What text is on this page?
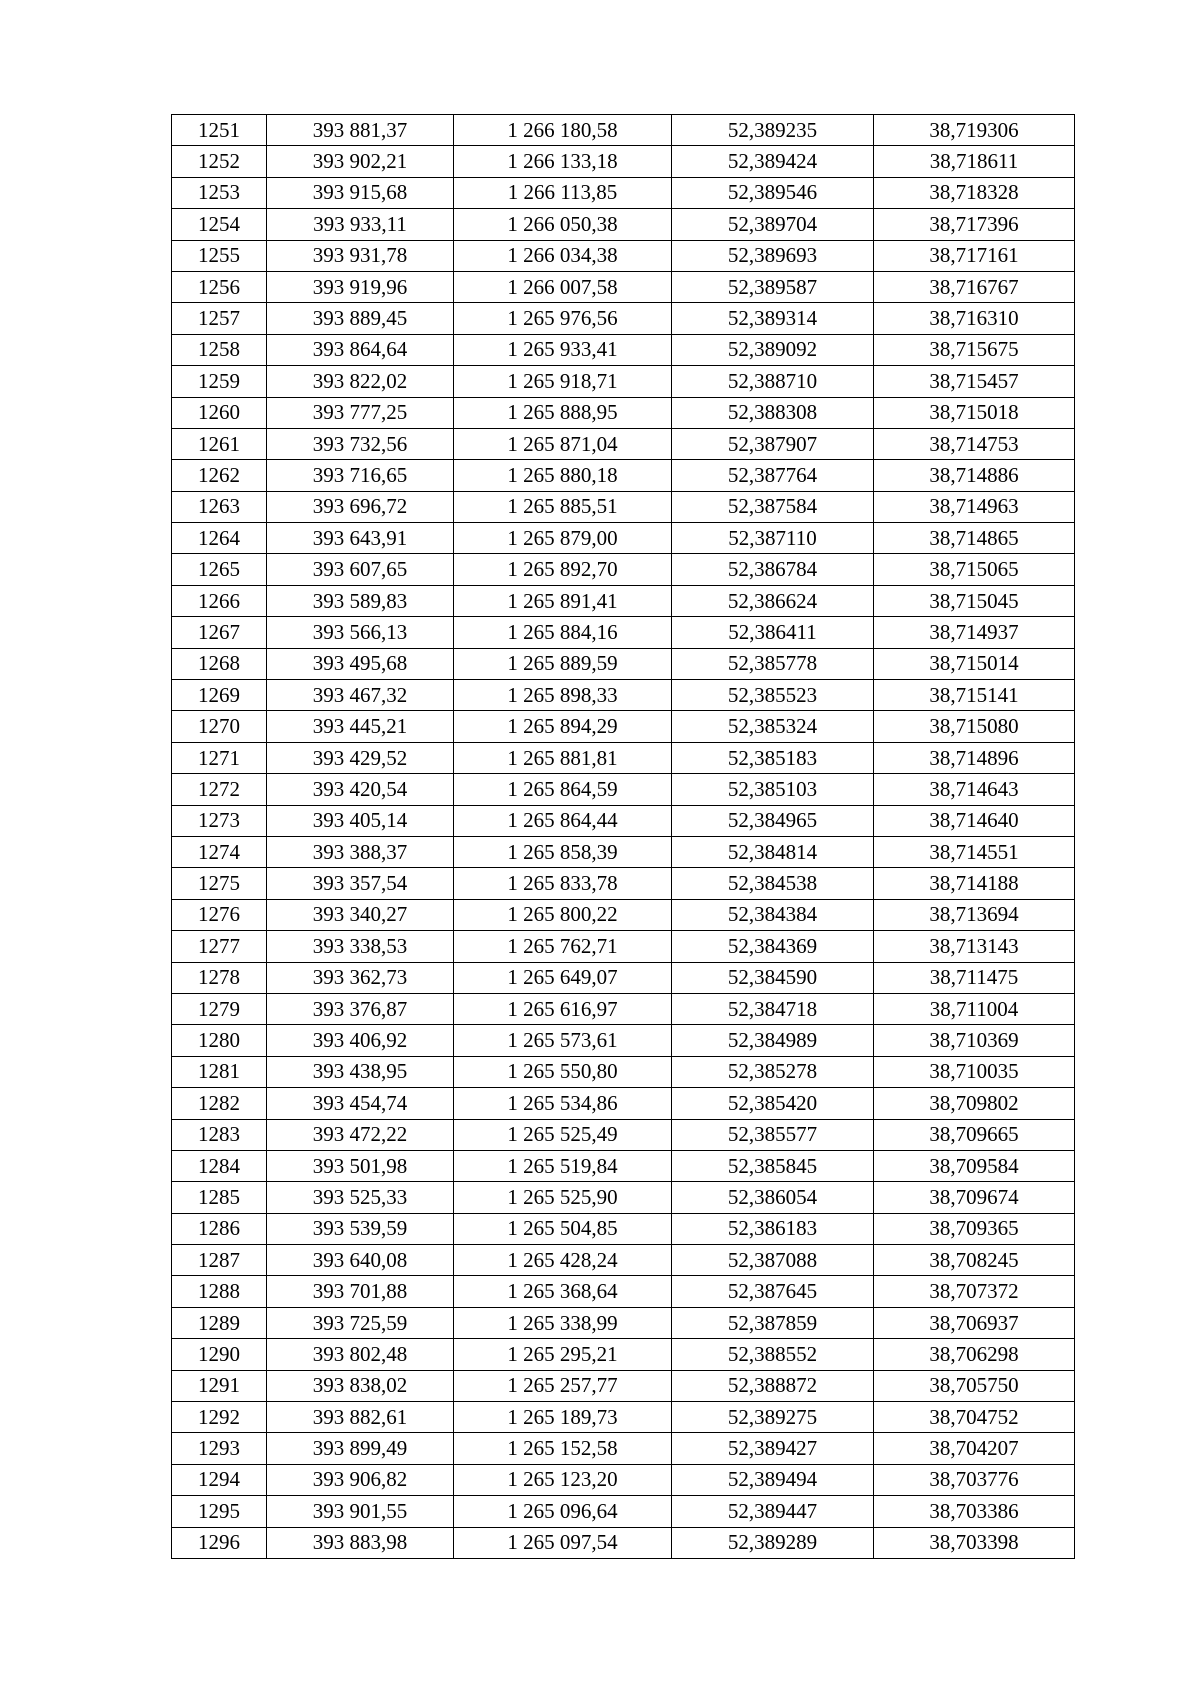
1251	393 881,37	1 266 180,58	52,389235	38,719306
1252	393 902,21	1 266 133,18	52,389424	38,718611
1253	393 915,68	1 266 113,85	52,389546	38,718328
1254	393 933,11	1 266 050,38	52,389704	38,717396
1255	393 931,78	1 266 034,38	52,389693	38,717161
1256	393 919,96	1 266 007,58	52,389587	38,716767
1257	393 889,45	1 265 976,56	52,389314	38,716310
1258	393 864,64	1 265 933,41	52,389092	38,715675
1259	393 822,02	1 265 918,71	52,388710	38,715457
1260	393 777,25	1 265 888,95	52,388308	38,715018
1261	393 732,56	1 265 871,04	52,387907	38,714753
1262	393 716,65	1 265 880,18	52,387764	38,714886
1263	393 696,72	1 265 885,51	52,387584	38,714963
1264	393 643,91	1 265 879,00	52,387110	38,714865
1265	393 607,65	1 265 892,70	52,386784	38,715065
1266	393 589,83	1 265 891,41	52,386624	38,715045
1267	393 566,13	1 265 884,16	52,386411	38,714937
1268	393 495,68	1 265 889,59	52,385778	38,715014
1269	393 467,32	1 265 898,33	52,385523	38,715141
1270	393 445,21	1 265 894,29	52,385324	38,715080
1271	393 429,52	1 265 881,81	52,385183	38,714896
1272	393 420,54	1 265 864,59	52,385103	38,714643
1273	393 405,14	1 265 864,44	52,384965	38,714640
1274	393 388,37	1 265 858,39	52,384814	38,714551
1275	393 357,54	1 265 833,78	52,384538	38,714188
1276	393 340,27	1 265 800,22	52,384384	38,713694
1277	393 338,53	1 265 762,71	52,384369	38,713143
1278	393 362,73	1 265 649,07	52,384590	38,711475
1279	393 376,87	1 265 616,97	52,384718	38,711004
1280	393 406,92	1 265 573,61	52,384989	38,710369
1281	393 438,95	1 265 550,80	52,385278	38,710035
1282	393 454,74	1 265 534,86	52,385420	38,709802
1283	393 472,22	1 265 525,49	52,385577	38,709665
1284	393 501,98	1 265 519,84	52,385845	38,709584
1285	393 525,33	1 265 525,90	52,386054	38,709674
1286	393 539,59	1 265 504,85	52,386183	38,709365
1287	393 640,08	1 265 428,24	52,387088	38,708245
1288	393 701,88	1 265 368,64	52,387645	38,707372
1289	393 725,59	1 265 338,99	52,387859	38,706937
1290	393 802,48	1 265 295,21	52,388552	38,706298
1291	393 838,02	1 265 257,77	52,388872	38,705750
1292	393 882,61	1 265 189,73	52,389275	38,704752
1293	393 899,49	1 265 152,58	52,389427	38,704207
1294	393 906,82	1 265 123,20	52,389494	38,703776
1295	393 901,55	1 265 096,64	52,389447	38,703386
1296	393 883,98	1 265 097,54	52,389289	38,703398
